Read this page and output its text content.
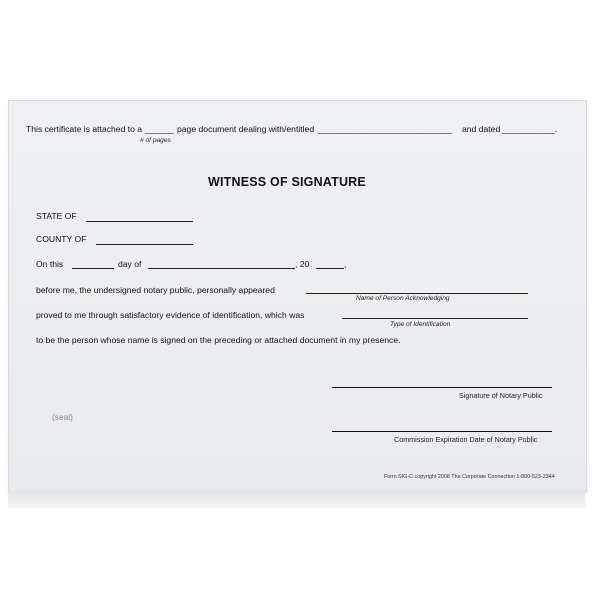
This certificate is attached to a ______ page document dealing with/entitled ____________________________ and dated ___________.
# of pages
WITNESS OF SIGNATURE
STATE OF
COUNTY OF
On this	day of	, 20	,
before me, the undersigned notary public, personally appeared
Name of Person Acknowledging
proved to me through satisfactory evidence of identification, which was
Type of Identification
to be the person whose name is signed on the preceding or attached document in my presence.
Signature of Notary Public
(seal)
Commission Expiration Date of Notary Public
Form SIG-C copyright 2008 The Corporate Connection 1-800-523-2344
